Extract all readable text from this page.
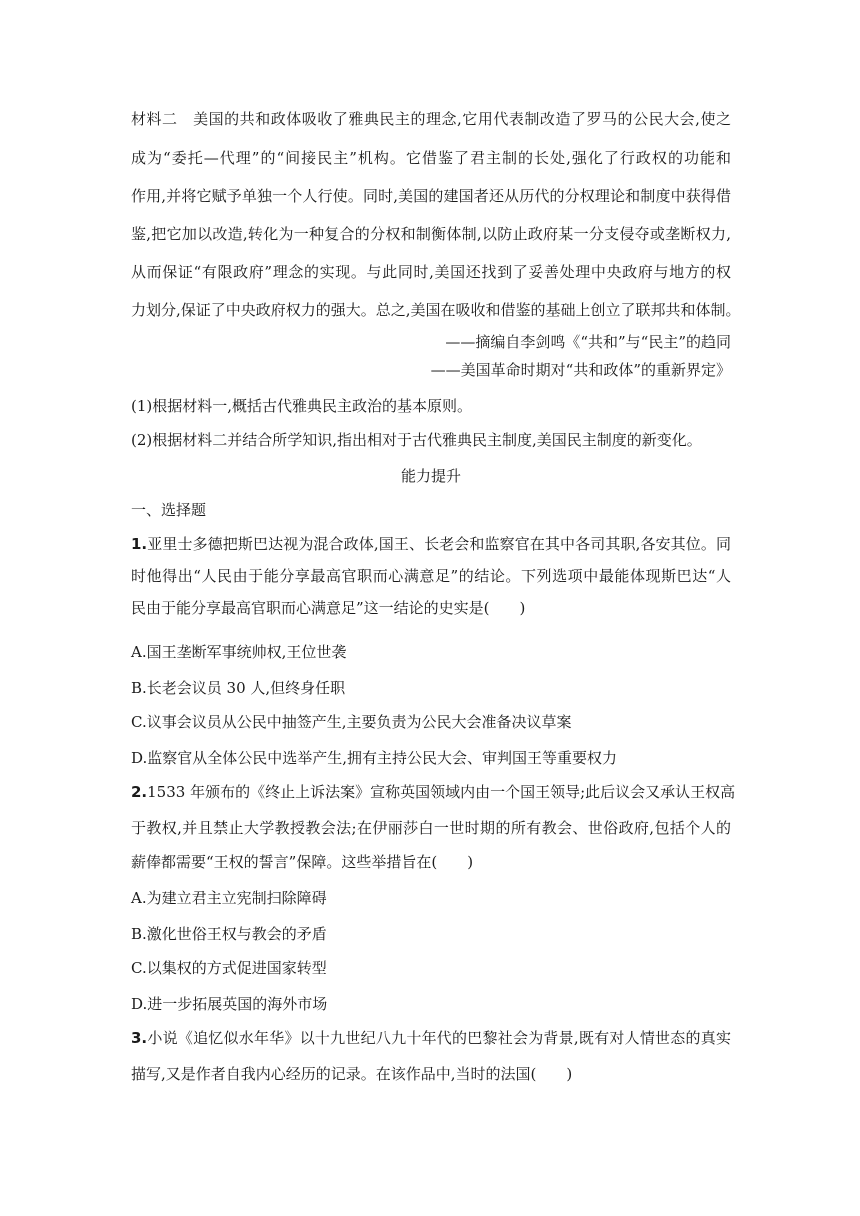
材料二　美国的共和政体吸收了雅典民主的理念,它用代表制改造了罗马的公民大会,使之
成为“委托—代理”的“间接民主”机构。它借鉴了君主制的长处,强化了行政权的功能和
作用,并将它赋予单独一个人行使。同时,美国的建国者还从历代的分权理论和制度中获得借
鉴,把它加以改造,转化为一种复合的分权和制衡体制,以防止政府某一分支侵夺或垄断权力,
从而保证“有限政府”理念的实现。与此同时,美国还找到了妥善处理中央政府与地方的权
力划分,保证了中央政府权力的强大。总之,美国在吸收和借鉴的基础上创立了联邦共和体制。
——摘编自李剑鸣《“共和”与“民主”的趋同
——美国革命时期对“共和政体”的重新界定》
(1)根据材料一,概括古代雅典民主政治的基本原则。
(2)根据材料二并结合所学知识,指出相对于古代雅典民主制度,美国民主制度的新变化。
能力提升
一、选择题
1.亚里士多德把斯巴达视为混合政体,国王、长老会和监察官在其中各司其职,各安其位。同
时他得出“人民由于能分享最高官职而心满意足”的结论。下列选项中最能体现斯巴达“人
民由于能分享最高官职而心满意足”这一结论的史实是(　　)
A.国王垄断军事统帅权,王位世袭
B.长老会议员 30 人,但终身任职
C.议事会议员从公民中抽签产生,主要负责为公民大会准备决议草案
D.监察官从全体公民中选举产生,拥有主持公民大会、审判国王等重要权力
2.1533 年颁布的《终止上诉法案》宣称英国领域内由一个国王领导;此后议会又承认王权高
于教权,并且禁止大学教授教会法;在伊丽莎白一世时期的所有教会、世俗政府,包括个人的
薪俸都需要“王权的誓言”保障。这些举措旨在(　　)
A.为建立君主立宪制扫除障碍
B.激化世俗王权与教会的矛盾
C.以集权的方式促进国家转型
D.进一步拓展英国的海外市场
3.小说《追忆似水年华》以十九世纪八九十年代的巴黎社会为背景,既有对人情世态的真实
描写,又是作者自我内心经历的记录。在该作品中,当时的法国(　　)
